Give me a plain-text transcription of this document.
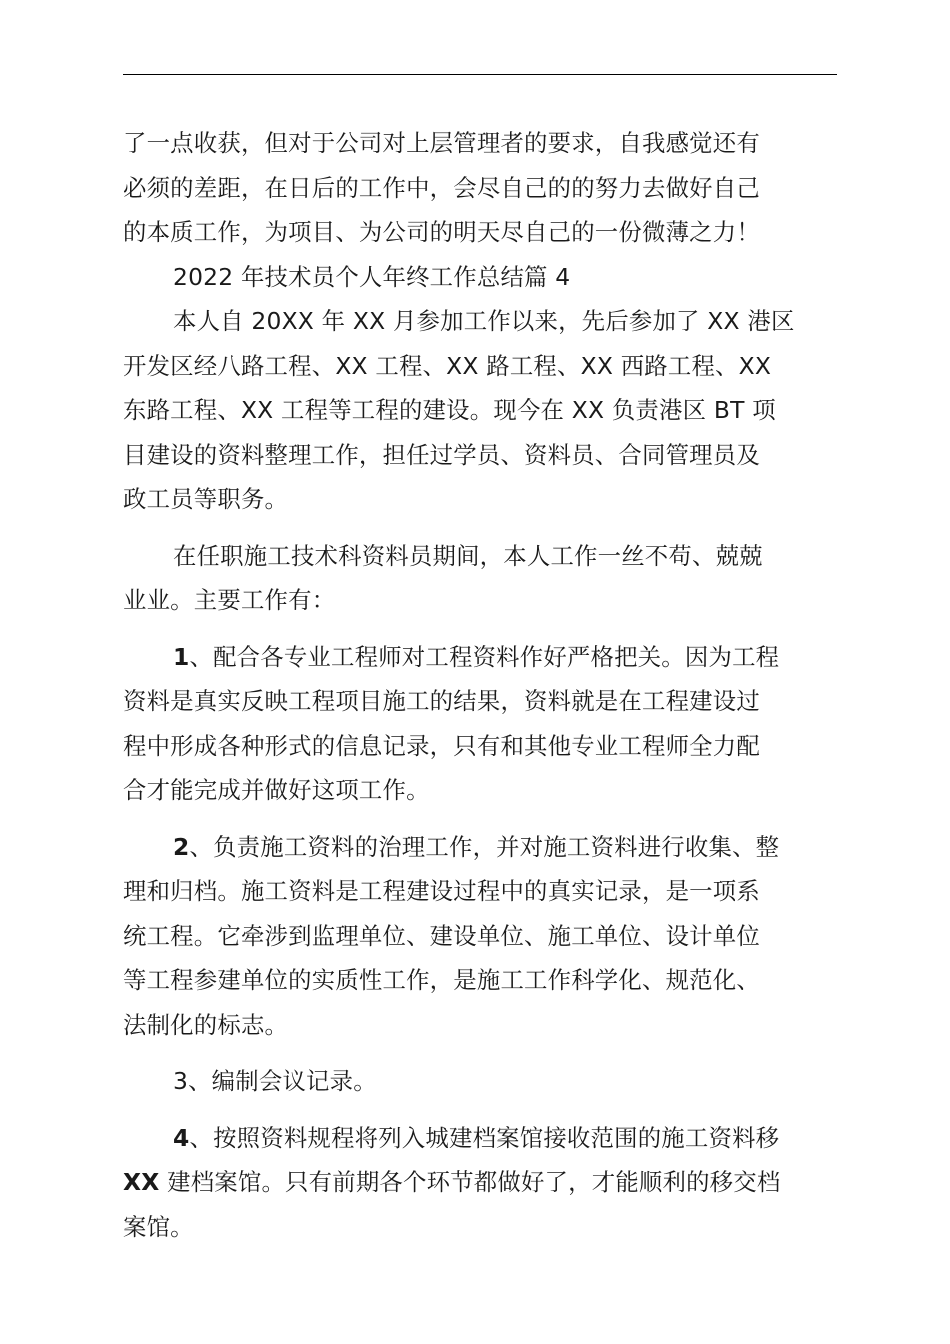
了一点收获，但对于公司对上层管理者的要求，自我感觉还有
必须的差距，在日后的工作中，会尽自己的的努力去做好自己
的本质工作，为项目、为公司的明天尽自己的一份微薄之力！
2022 年技术员个人年终工作总结篇 4
本人自 20XX 年 XX 月参加工作以来，先后参加了 XX 港区
开发区经八路工程、XX 工程、XX 路工程、XX 西路工程、XX
东路工程、XX 工程等工程的建设。现今在 XX 负责港区 BT 项
目建设的资料整理工作，担任过学员、资料员、合同管理员及
政工员等职务。
在任职施工技术科资料员期间，本人工作一丝不苟、兢兢
业业。主要工作有：
1、配合各专业工程师对工程资料作好严格把关。因为工程
资料是真实反映工程项目施工的结果，资料就是在工程建设过
程中形成各种形式的信息记录，只有和其他专业工程师全力配
合才能完成并做好这项工作。
2、负责施工资料的治理工作，并对施工资料进行收集、整
理和归档。施工资料是工程建设过程中的真实记录，是一项系
统工程。它牵涉到监理单位、建设单位、施工单位、设计单位
等工程参建单位的实质性工作，是施工工作科学化、规范化、
法制化的标志。
3、编制会议记录。
4、按照资料规程将列入城建档案馆接收范围的施工资料移
XX 建档案馆。只有前期各个环节都做好了，才能顺利的移交档
案馆。
